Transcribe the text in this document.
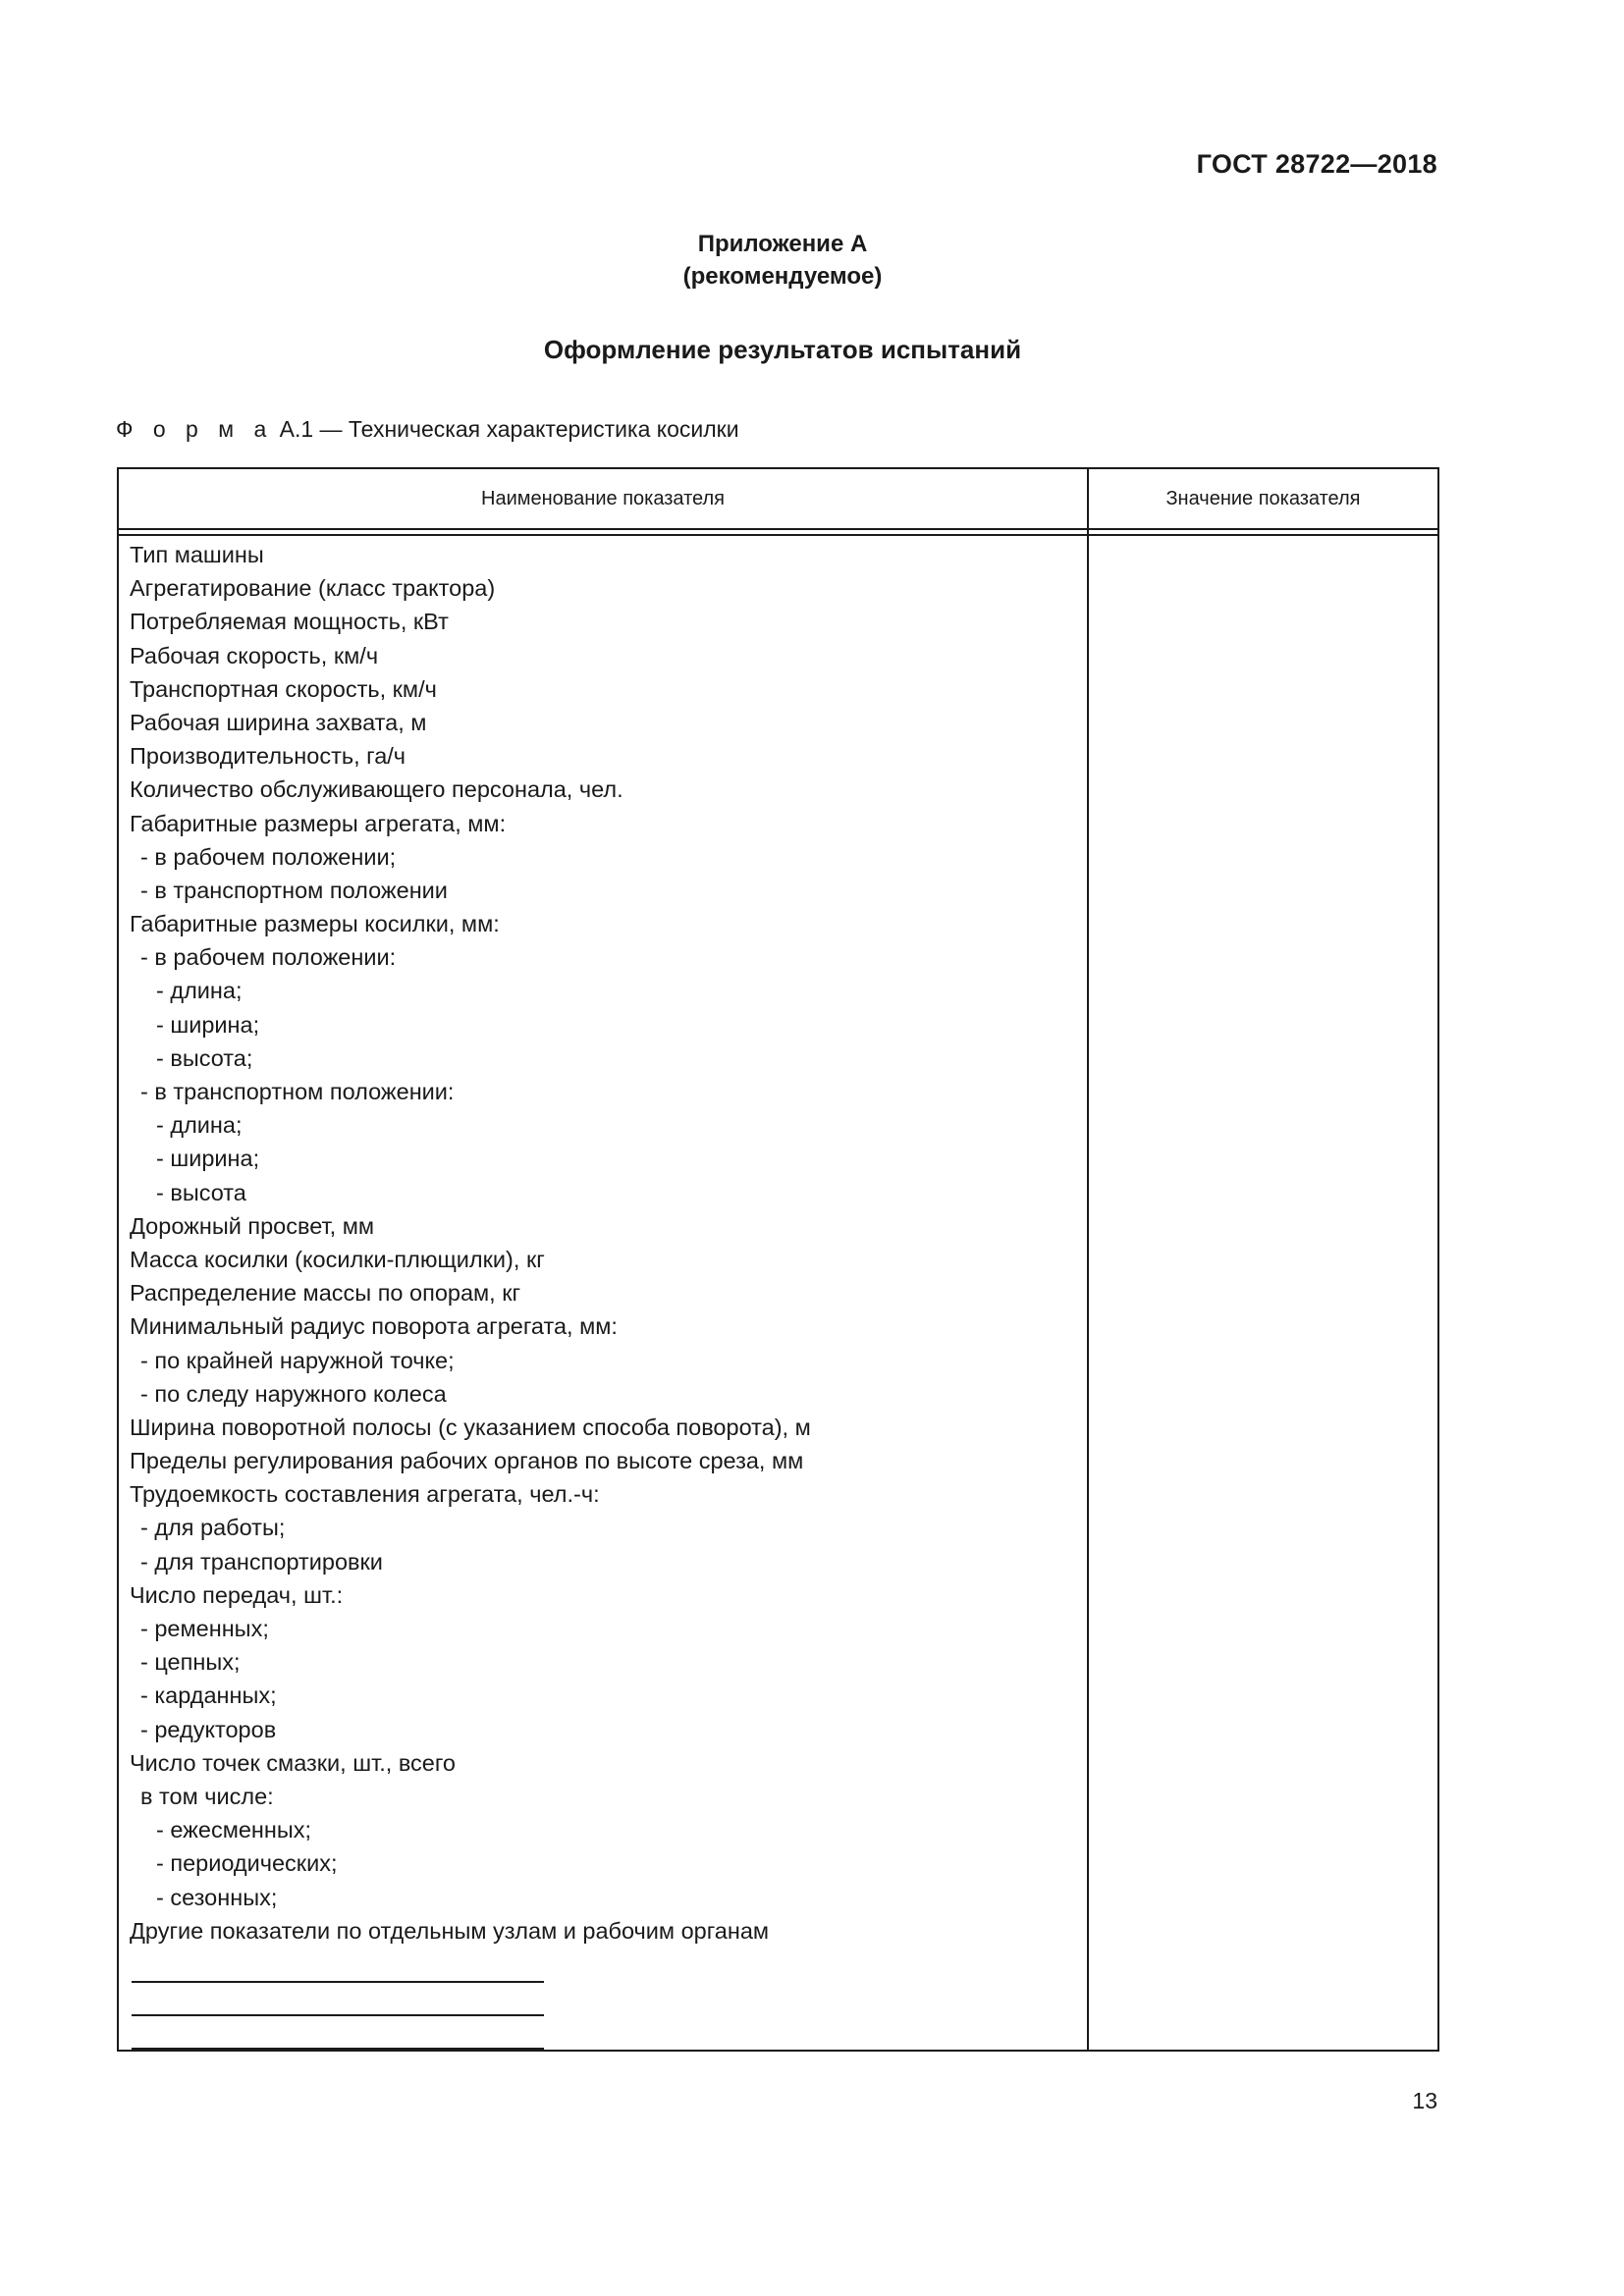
ГОСТ 28722—2018
Приложение А
(рекомендуемое)
Оформление результатов испытаний
Ф о р м а А.1 — Техническая характеристика косилки
Наименование показателя	Значение показателя
Тип машины
Агрегатирование (класс трактора)
Потребляемая мощность, кВт
Рабочая скорость, км/ч
Транспортная скорость, км/ч
Рабочая ширина захвата, м
Производительность, га/ч
Количество обслуживающего персонала, чел.
Габаритные размеры агрегата, мм:
- в рабочем положении;
- в транспортном положении
Габаритные размеры косилки, мм:
- в рабочем положении:
- длина;
- ширина;
- высота;
- в транспортном положении:
- длина;
- ширина;
- высота
Дорожный просвет, мм
Масса косилки (косилки-плющилки), кг
Распределение массы по опорам, кг
Минимальный радиус поворота агрегата, мм:
- по крайней наружной точке;
- по следу наружного колеса
Ширина поворотной полосы (с указанием способа поворота), м
Пределы регулирования рабочих органов по высоте среза, мм
Трудоемкость составления агрегата, чел.-ч:
- для работы;
- для транспортировки
Число передач, шт.:
- ременных;
- цепных;
- карданных;
- редукторов
Число точек смазки, шт., всего
в том числе:
- ежесменных;
- периодических;
- сезонных;
Другие показатели по отдельным узлам и рабочим органам
13
